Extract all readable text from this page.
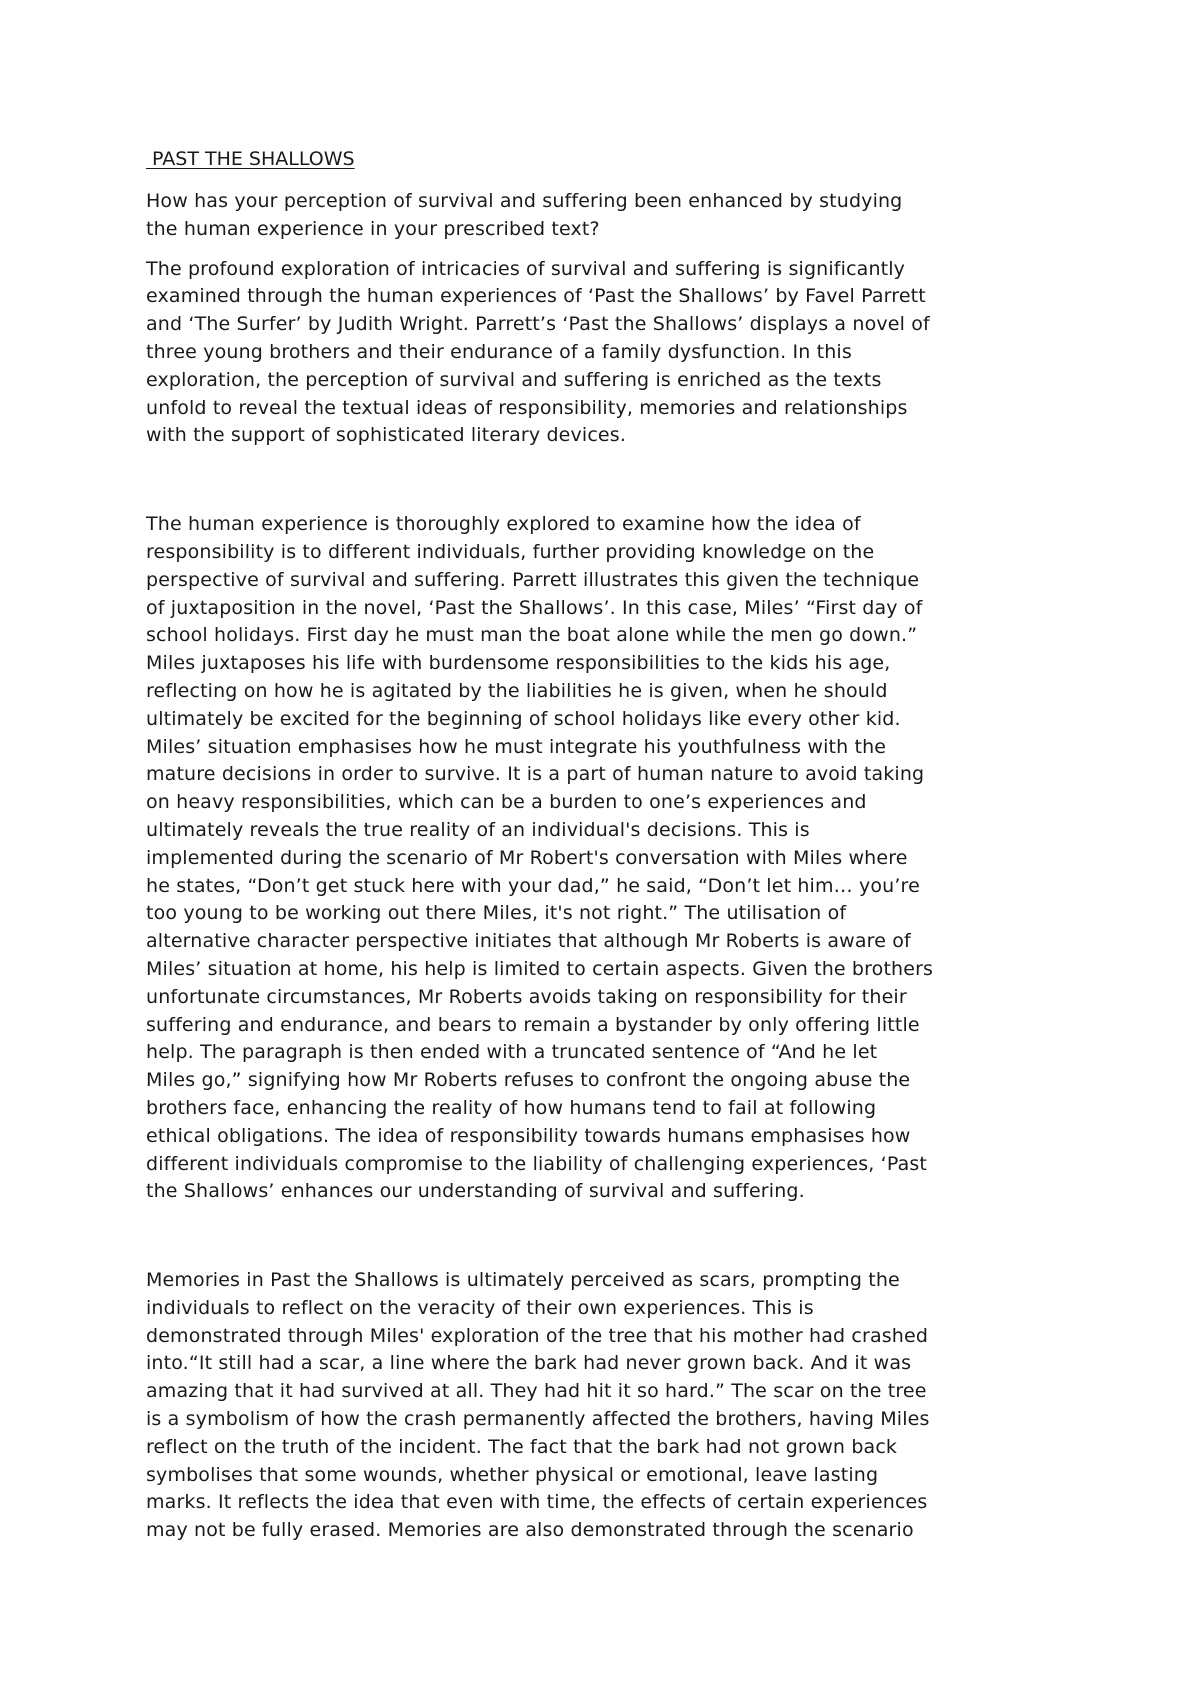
PAST THE SHALLOWS
How has your perception of survival and suffering been enhanced by studying
the human experience in your prescribed text?
The profound exploration of intricacies of survival and suffering is significantly
examined through the human experiences of ‘Past the Shallows’ by Favel Parrett
and ‘The Surfer’ by Judith Wright. Parrett’s ‘Past the Shallows’ displays a novel of
three young brothers and their endurance of a family dysfunction. In this
exploration, the perception of survival and suffering is enriched as the texts
unfold to reveal the textual ideas of responsibility, memories and relationships
with the support of sophisticated literary devices.
The human experience is thoroughly explored to examine how the idea of
responsibility is to different individuals, further providing knowledge on the
perspective of survival and suffering. Parrett illustrates this given the technique
of juxtaposition in the novel, ‘Past the Shallows’. In this case, Miles’ “First day of
school holidays. First day he must man the boat alone while the men go down.”
Miles juxtaposes his life with burdensome responsibilities to the kids his age,
reflecting on how he is agitated by the liabilities he is given, when he should
ultimately be excited for the beginning of school holidays like every other kid.
Miles’ situation emphasises how he must integrate his youthfulness with the
mature decisions in order to survive. It is a part of human nature to avoid taking
on heavy responsibilities, which can be a burden to one’s experiences and
ultimately reveals the true reality of an individual's decisions. This is
implemented during the scenario of Mr Robert's conversation with Miles where
he states, “Don’t get stuck here with your dad,” he said, “Don’t let him… you’re
too young to be working out there Miles, it's not right.” The utilisation of
alternative character perspective initiates that although Mr Roberts is aware of
Miles’ situation at home, his help is limited to certain aspects. Given the brothers
unfortunate circumstances, Mr Roberts avoids taking on responsibility for their
suffering and endurance, and bears to remain a bystander by only offering little
help. The paragraph is then ended with a truncated sentence of “And he let
Miles go,” signifying how Mr Roberts refuses to confront the ongoing abuse the
brothers face, enhancing the reality of how humans tend to fail at following
ethical obligations. The idea of responsibility towards humans emphasises how
different individuals compromise to the liability of challenging experiences, ‘Past
the Shallows’ enhances our understanding of survival and suffering.
Memories in Past the Shallows is ultimately perceived as scars, prompting the
individuals to reflect on the veracity of their own experiences. This is
demonstrated through Miles' exploration of the tree that his mother had crashed
into.“It still had a scar, a line where the bark had never grown back. And it was
amazing that it had survived at all. They had hit it so hard.” The scar on the tree
is a symbolism of how the crash permanently affected the brothers, having Miles
reflect on the truth of the incident. The fact that the bark had not grown back
symbolises that some wounds, whether physical or emotional, leave lasting
marks. It reflects the idea that even with time, the effects of certain experiences
may not be fully erased. Memories are also demonstrated through the scenario
